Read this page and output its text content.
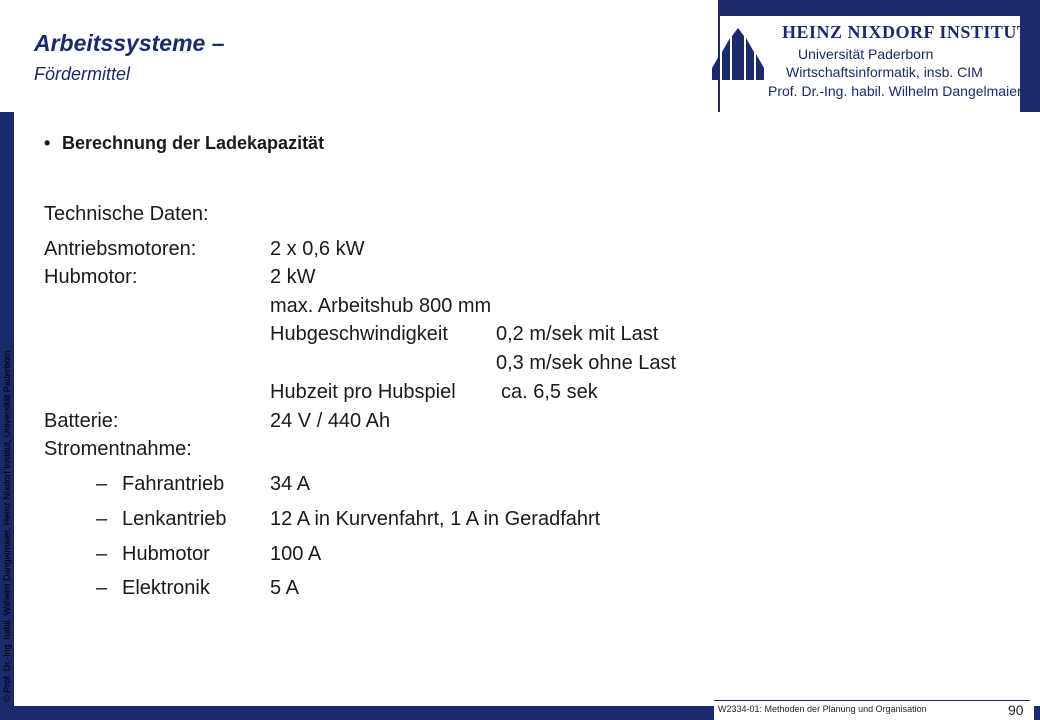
© Prof. Dr.-Ing. habil. Wilhelm Dangelmaier, Heinz Nixdorf Institut, Universität Paderborn
W2334-01: Methoden der Planung und Organisation	90
HEINZ NIXDORF INSTITUT
Universität Paderborn
Wirtschaftsinformatik, insb. CIM
Prof. Dr.-Ing. habil. Wilhelm Dangelmaier
Arbeitssysteme –
Fördermittel
• Berechnung der Ladekapazität
Technische Daten:
Antriebsmotoren:	2 x 0,6 kW
Hubmotor:	2 kW
max. Arbeitshub 800 mm
Hubgeschwindigkeit 0,2 m/sek mit Last
0,3 m/sek ohne Last
Hubzeit pro Hubspiel ca. 6,5 sek
Batterie:	24 V / 440 Ah
Stromentnahme:
– Fahrantrieb 34 A
– Lenkantrieb 12 A in Kurvenfahrt, 1 A in Geradfahrt
– Hubmotor	100 A
– Elektronik	5 A
